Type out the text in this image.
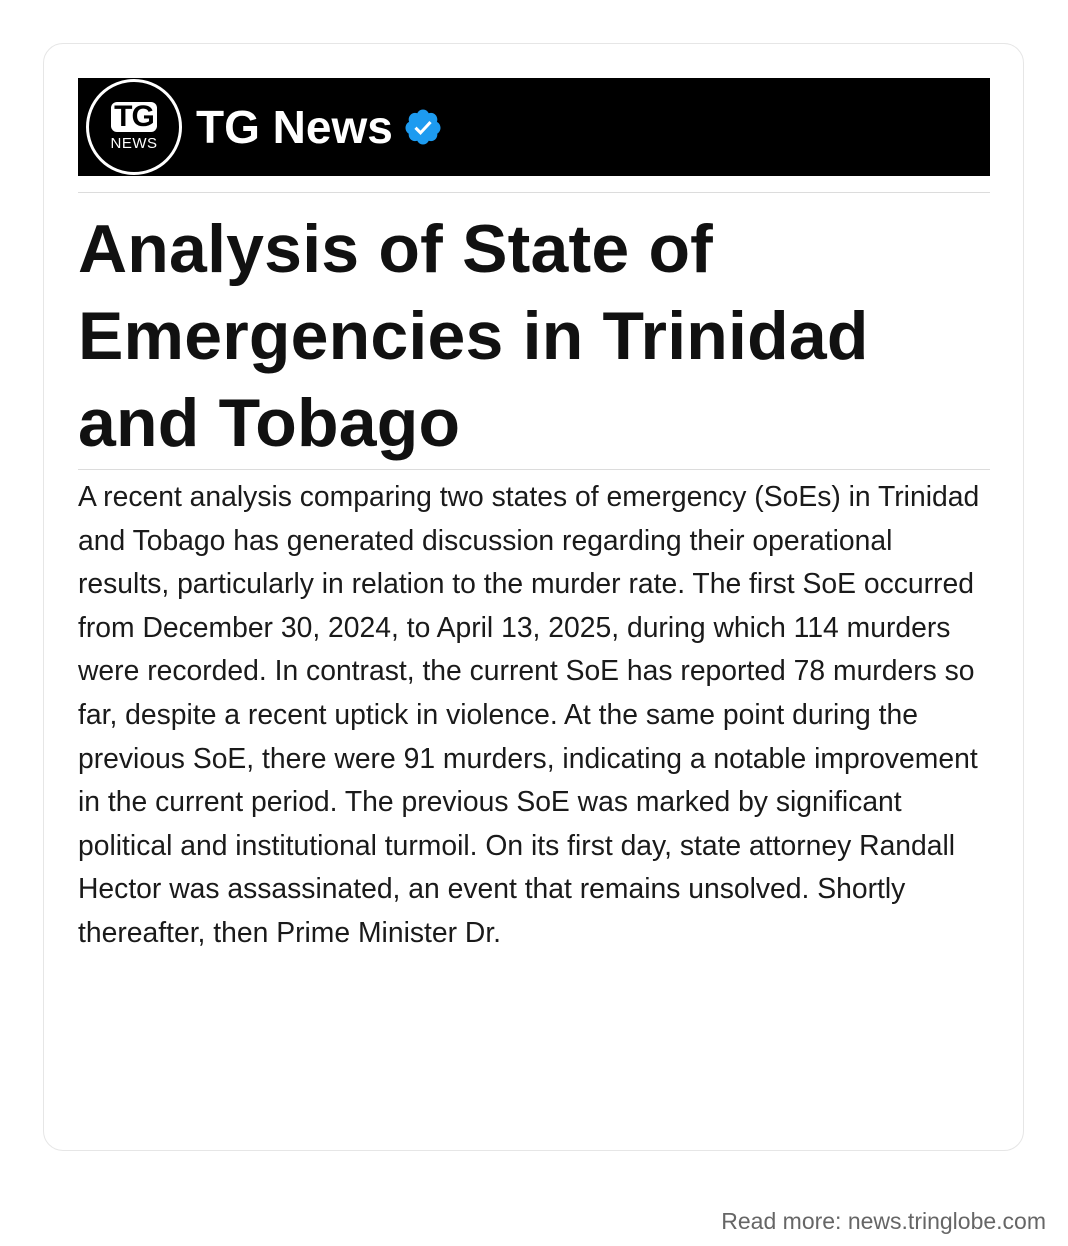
TG
NEWS TG News
Analysis of State of Emergencies in Trinidad and Tobago

A recent analysis comparing two states of emergency (SoEs) in Trinidad and Tobago has generated discussion regarding their operational results, particularly in relation to the murder rate. The first SoE occurred from December 30, 2024, to April 13, 2025, during which 114 murders were recorded. In contrast, the current SoE has reported 78 murders so far, despite a recent uptick in violence. At the same point during the previous SoE, there were 91 murders, indicating a notable improvement in the current period. The previous SoE was marked by significant political and institutional turmoil. On its first day, state attorney Randall Hector was assassinated, an event that remains unsolved. Shortly thereafter, then Prime Minister Dr.

Read more: news.tringlobe.com
